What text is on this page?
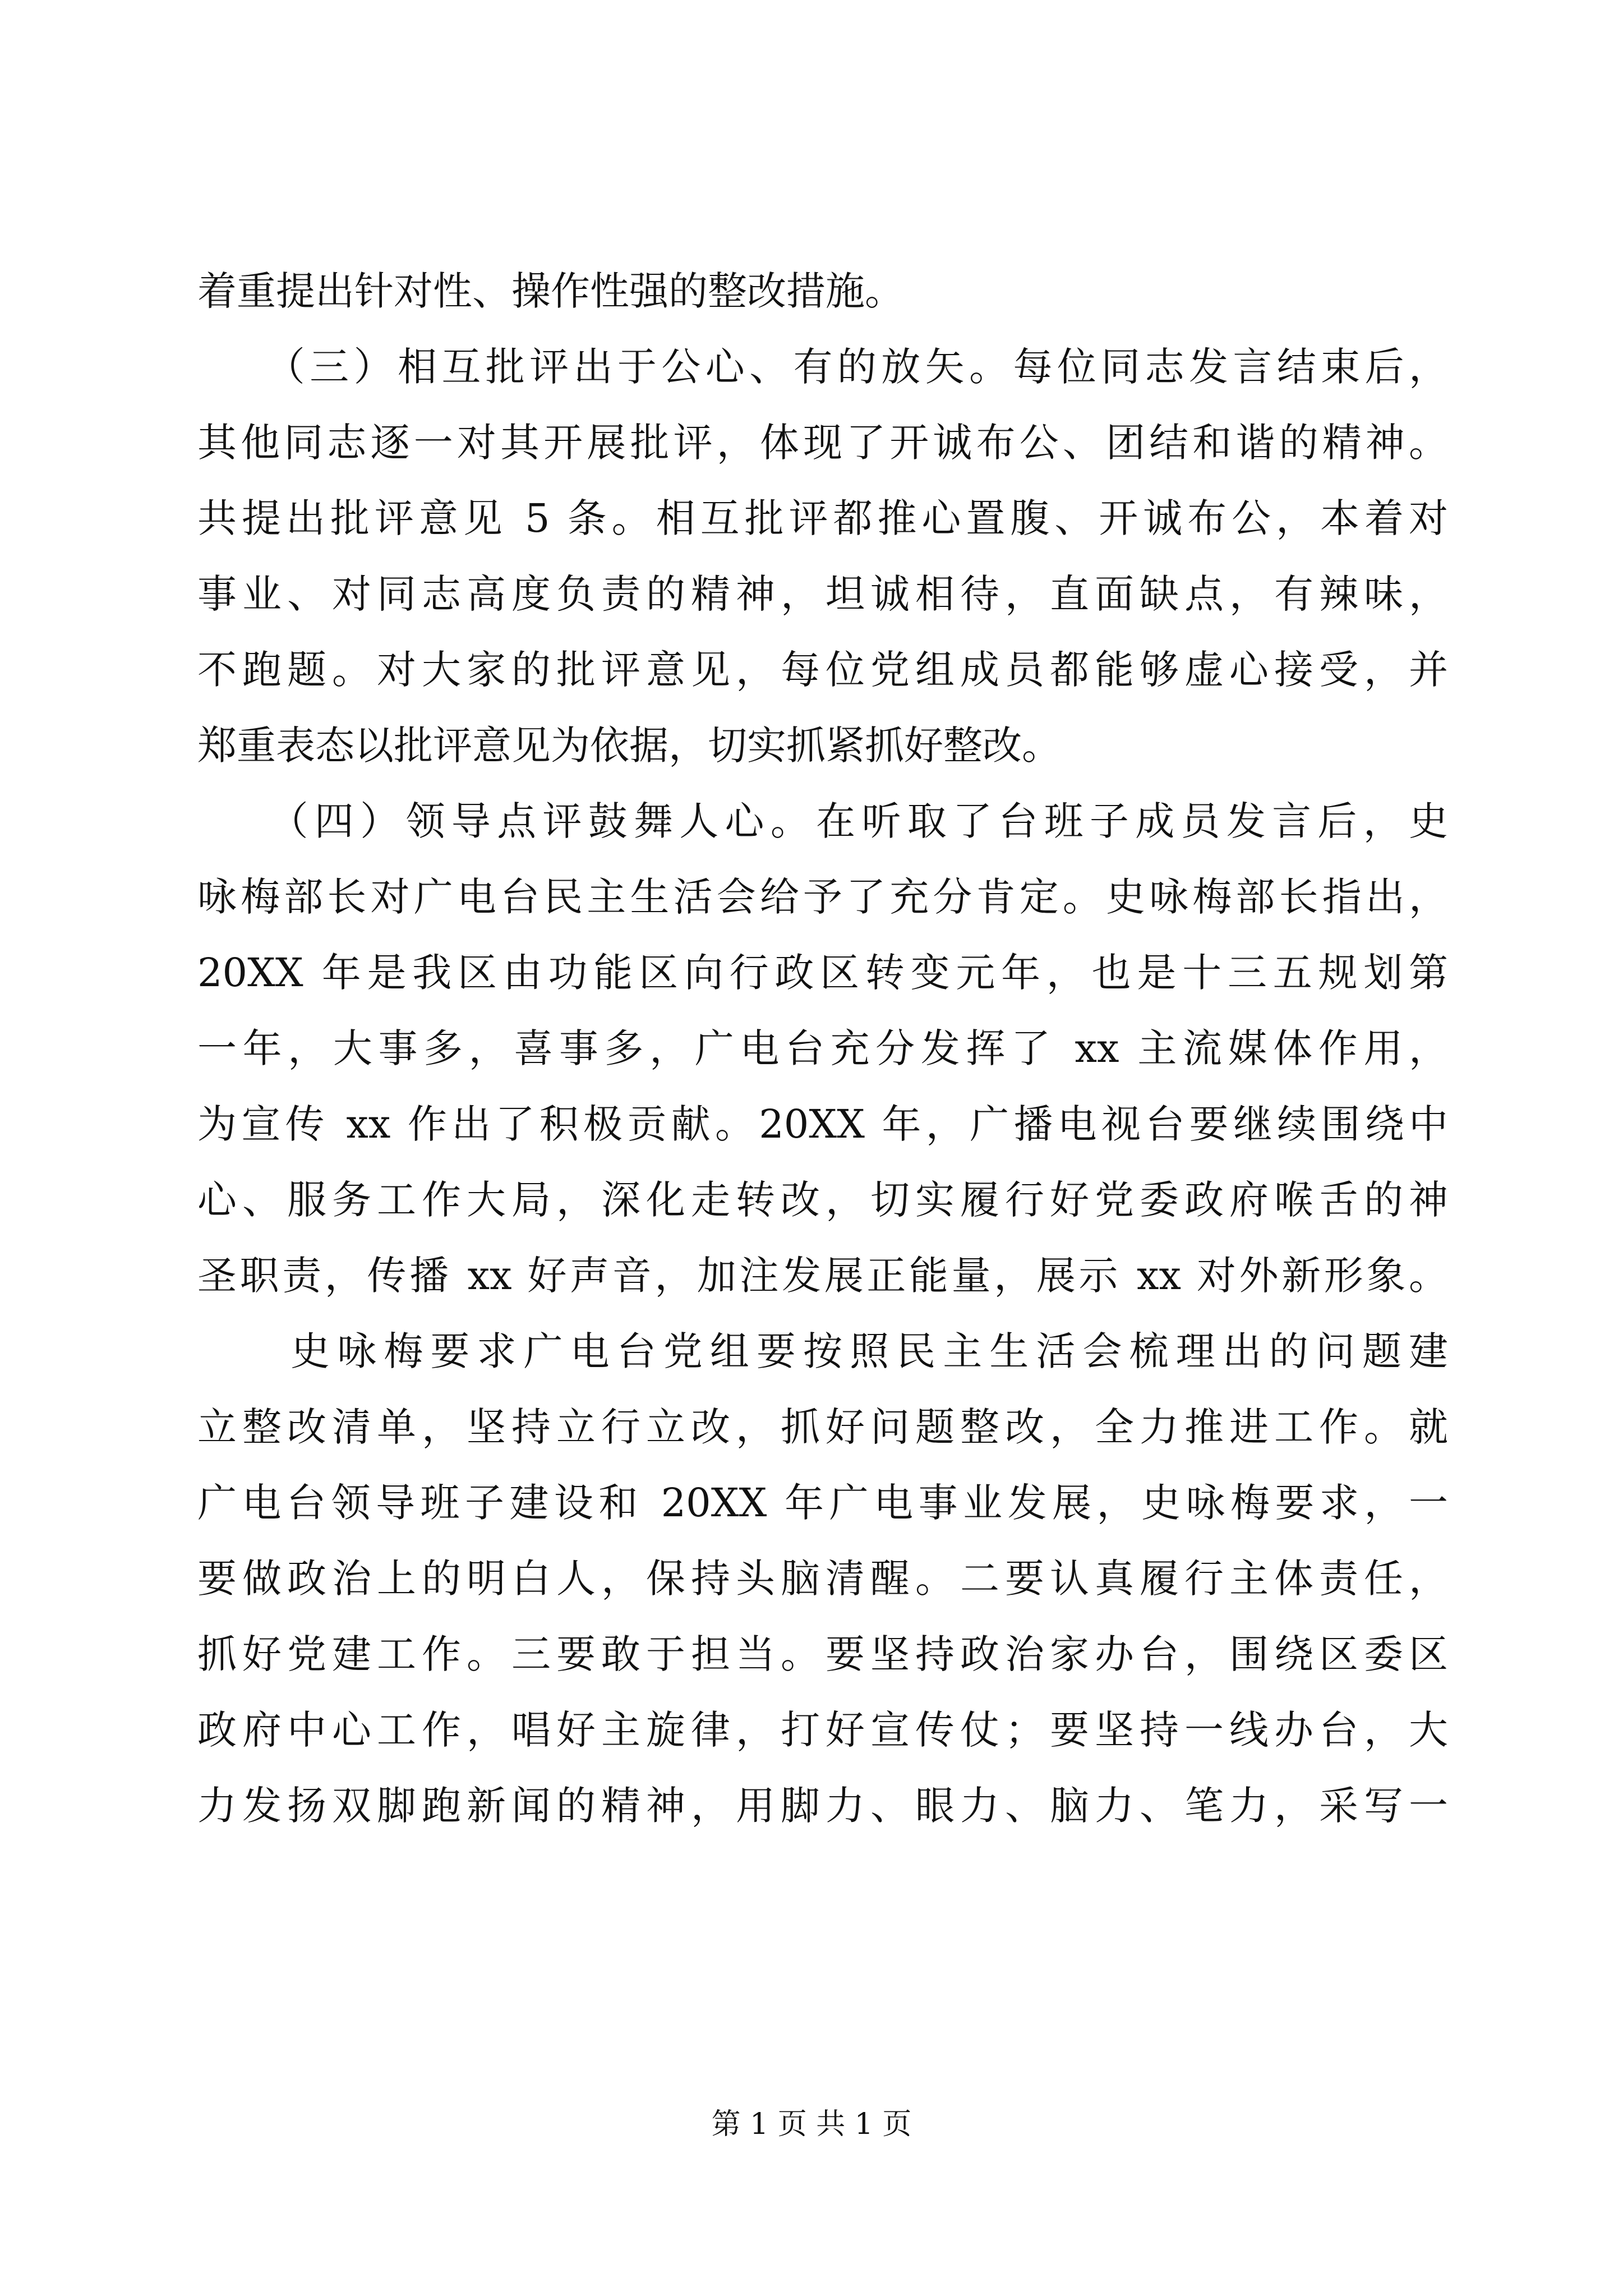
着重提出针对性、操作性强的整改措施。
　　（三）相互批评出于公心、有的放矢。每位同志发言结束后，
其他同志逐一对其开展批评，体现了开诚布公、团结和谐的精神。
共提出批评意见 5 条。相互批评都推心置腹、开诚布公，本着对
事业、对同志高度负责的精神，坦诚相待，直面缺点，有辣味，
不跑题。对大家的批评意见，每位党组成员都能够虚心接受，并
郑重表态以批评意见为依据，切实抓紧抓好整改。
　　（四）领导点评鼓舞人心。在听取了台班子成员发言后，史
咏梅部长对广电台民主生活会给予了充分肯定。史咏梅部长指出，
20XX 年是我区由功能区向行政区转变元年，也是十三五规划第
一年，大事多，喜事多，广电台充分发挥了 xx 主流媒体作用，
为宣传 xx 作出了积极贡献。20XX 年，广播电视台要继续围绕中
心、服务工作大局，深化走转改，切实履行好党委政府喉舌的神
圣职责，传播 xx 好声音，加注发展正能量，展示 xx 对外新形象。
　　史咏梅要求广电台党组要按照民主生活会梳理出的问题建
立整改清单，坚持立行立改，抓好问题整改，全力推进工作。就
广电台领导班子建设和 20XX 年广电事业发展，史咏梅要求，一
要做政治上的明白人，保持头脑清醒。二要认真履行主体责任，
抓好党建工作。三要敢于担当。要坚持政治家办台，围绕区委区
政府中心工作，唱好主旋律，打好宣传仗；要坚持一线办台，大
力发扬双脚跑新闻的精神，用脚力、眼力、脑力、笔力，采写一
第 1 页 共 1 页
